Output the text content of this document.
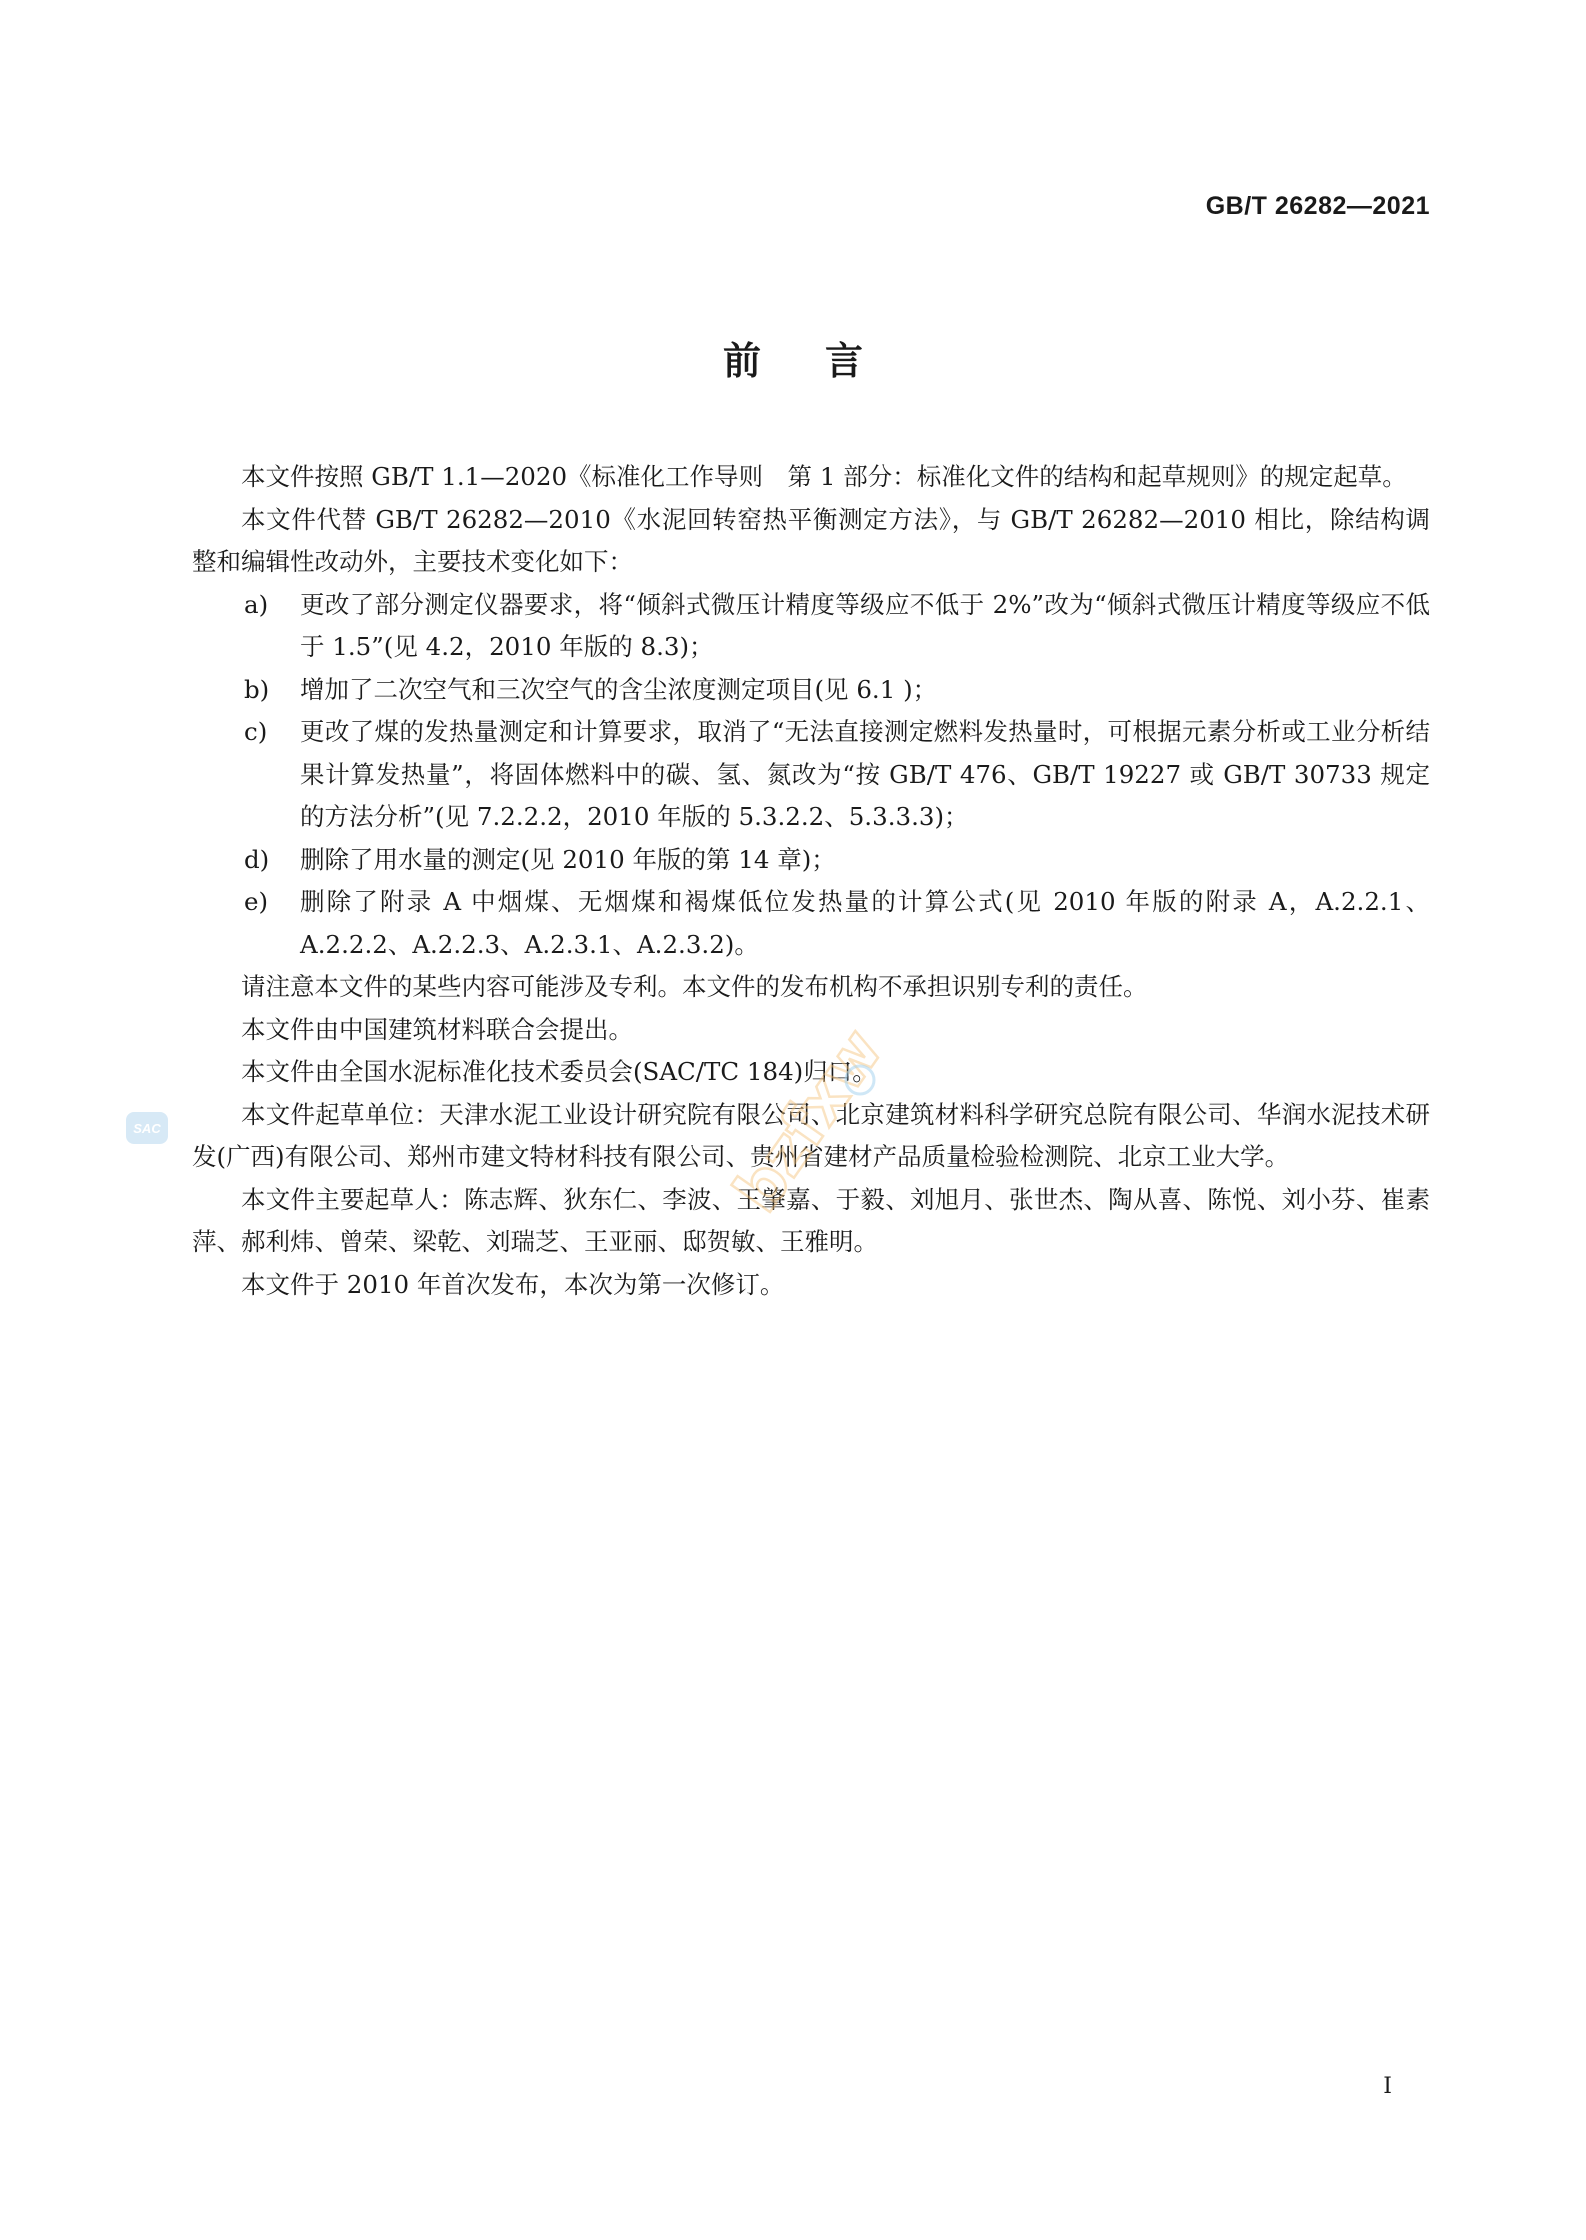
GB/T 26282—2021
前言

本文件按照 GB/T 1.1—2020《标准化工作导则　第 1 部分：标准化文件的结构和起草规则》的规定起草。

本文件代替 GB/T 26282—2010《水泥回转窑热平衡测定方法》，与 GB/T 26282—2010 相比，除结构调整和编辑性改动外，主要技术变化如下：

a)	更改了部分测定仪器要求，将“倾斜式微压计精度等级应不低于 2%”改为“倾斜式微压计精度等级应不低于 1.5”(见 4.2，2010 年版的 8.3)；
b)	增加了二次空气和三次空气的含尘浓度测定项目(见 6.1 )；
c)	更改了煤的发热量测定和计算要求，取消了“无法直接测定燃料发热量时，可根据元素分析或工业分析结果计算发热量”，将固体燃料中的碳、氢、氮改为“按 GB/T 476、GB/T 19227 或 GB/T 30733 规定的方法分析”(见 7.2.2.2，2010 年版的 5.3.2.2、5.3.3.3)；
d)	删除了用水量的测定(见 2010 年版的第 14 章)；
e)	删除了附录 A 中烟煤、无烟煤和褐煤低位发热量的计算公式(见 2010 年版的附录 A，A.2.2.1、A.2.2.2、A.2.2.3、A.2.3.1、A.2.3.2)。

请注意本文件的某些内容可能涉及专利。本文件的发布机构不承担识别专利的责任。

本文件由中国建筑材料联合会提出。

本文件由全国水泥标准化技术委员会(SAC/TC 184)归口。

本文件起草单位：天津水泥工业设计研究院有限公司、北京建筑材料科学研究总院有限公司、华润水泥技术研发(广西)有限公司、郑州市建文特材科技有限公司、贵州省建材产品质量检验检测院、北京工业大学。

本文件主要起草人：陈志辉、狄东仁、李波、王肇嘉、于毅、刘旭月、张世杰、陶从喜、陈悦、刘小芬、崔素萍、郝利炜、曾荣、梁乾、刘瑞芝、王亚丽、邸贺敏、王雅明。

本文件于 2010 年首次发布，本次为第一次修订。

SAC	bzfxw
I
